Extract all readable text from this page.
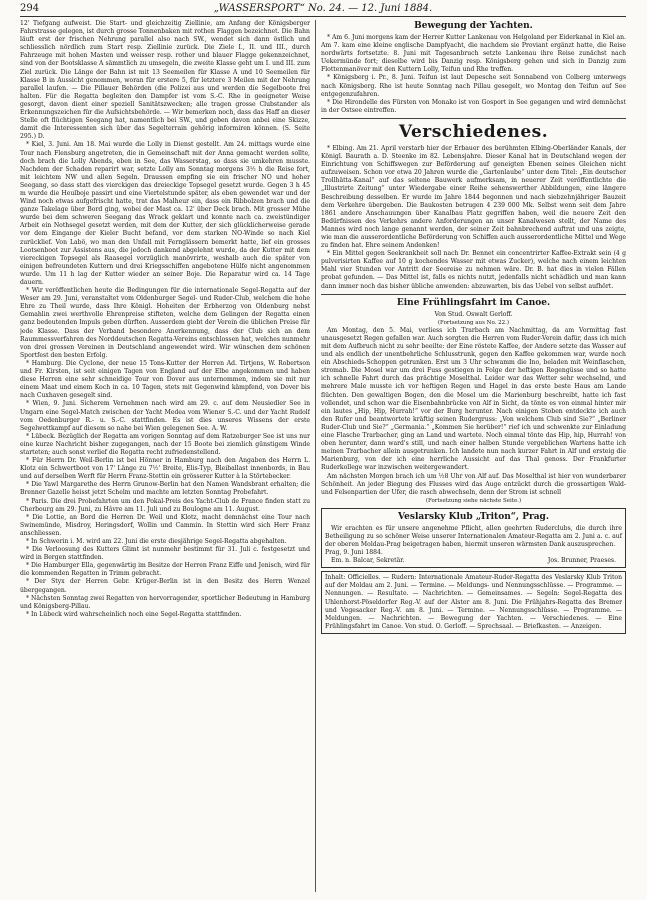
294	„WASSERSPORT“ No. 24. — 12. Juni 1884.

12' Tiefgang aufweist. Die Start- und gleichzeitig Ziellinie, am Anfang der Königsberger Fahrstrasse gelegen, ist durch grosse Tonnenbaken mit rothen Flaggen bezeichnet. Die Bahn läuft erst der frischen Nehrung parallel also nach SW., wendet sich dann östlich und schliesslich nördlich zum Start resp. Ziellinie zurück. Die Ziele I., II. und III., durch Fahrzeuge mit hohen Masten und weisser resp. rother und blauer Flagge gekennzeichnet, sind von der Bootsklasse A sämmtlich zu umsegeln, die zweite Klasse geht um I. und III. zum Ziel zurück. Die Länge der Bahn ist mit 13 Seemeilen für Klasse A und 10 Seemeilen für Klasse B in Aussicht genommen, woran für erstere 5, für letztere 3 Meilen mit der Nehrung parallel laufen. — Die Pillauer Behörden (die Polizei aus und werden die Segelboote frei halten. Für die Regatta begleiten den Dampfer ist vom S.-C. Rhe in geeigneter Weise gesorgt, davon dient einer speziell Sanitätszwecken; alle tragen grosse Clubstander als Erkennungszeichen für die Aufsichtsbehörde. — Wir bemerken noch, dass das Haff an dieser Stelle oft flüchtigen Seegang hat, namentlich bei SW., und geben davon anbei eine Skizze, damit die Interessenten sich über das Segelterrain gehörig informiren können. (S. Seite 295.) D.

* Kiel, 3. Juni. Am 18. Mai wurde die Lolly in Dienst gestellt. Am 24. mittags wurde eine Tour nach Flensburg angetreten, die in Gemeinschaft mit der Anna gemacht werden sollte, doch brach die Lolly Abends, eben in See, das Wasserstag, so dass sie umkehren musste. Nachdem der Schaden reparirt war, setzte Lolly am Sonntag morgens 3½ h die Reise fort, mit leichtem NW und allen Segeln. Draussen empfing sie ein frischer NO und hoher Seegang, so dass statt des vierckigen das dreieckige Topsegel gesetzt wurde. Gegen 3 h 45 m wurde die Heulboje passirt und eine Viertelstunde später, als eben gewendet war und der Wind noch etwas aufgefrischt hatte, trat das Malheur ein, dass ein Ribbolzen brach und die ganze Takelage über Bord ging, wobei der Mast ca. 12' über Deck brach. Mit grosser Mühe wurde bei dem schweren Seegang das Wrack geklart und konnte nach ca. zweistündiger Arbeit ein Nothsegel gesetzt werden, mit dem der Kutter, der sich glücklicherweise gerade vor dem Eingange der Kieler Bucht befand, vor dem starken NO-Winde so nach Kiel zurücklief. Von Labö, wo man den Unfall mit Fernglässern bemerkt hatte, lief ein grosses Lootsenboot zur Assistens aus, die jedoch dankend abgelehnt wurde, da der Kutter mit dem viereckigen Topsegel als Raasegel vorzüglich manövrirte, weshalb auch die später von einigen befreundeten Kuttern und drei Kriegsschiffen angebotene Hülfe nicht angenommen wurde. Um 11 h lag der Kutter wieder an seiner Boje. Die Reparatur wird ca. 14 Tage dauern.

* Wir veröffentlichen heute die Bedingungen für die internationale Segel-Regatta auf der Weser am 29. Juni, veranstaltet vom Oldenburger Segel- und Ruder-Club, welchem die hohe Ehre zu Theil wurde, dass Ihre Königl. Hoheiten der Erbherzog von Oldenburg nebst Gemahlin zwei werthvolle Ehrenpreise stifteten, welche dem Gelingen der Regatta einen ganz bedeutenden Impuls geben dürften. Ausserdem giebt der Verein die üblichen Preise für jede Klasse. Dass der Verband besondere Anerkennung, dass der Club sich an dem Raummessverfahren des Norddeutschen Regatta-Vereins entschlossen hat, welches nunmehr von drei grossen Vereinen in Deutschland angewendet wird. Wir wünschen dem schönen Sportfest den besten Erfolg.

* Hamburg. Die Cyclone, der neue 15 Tons-Kutter der Herren Ad. Tirtjens, W. Robertson und Fr. Kirsten, ist seit einigen Tagen von England auf der Elbe angekommen und haben diese Herren eine sehr schneidige Tour von Dover aus unternommen, indem sie mit nur einem Maat und einem Koch in ca. 10 Tagen, stets mit Gegenwind kämpfend, von Dover bis nach Cuxhaven gesegelt sind.

* Wien, 9. Juni. Sicherem Vernehmen nach wird am 29. c. auf dem Neusiedler See in Ungarn eine Segel-Match zwischen der Yacht Medea vom Wiener S.-C. und der Yacht Rudolf vom Oedenburger R.- u. S.-C. stattfinden. Es ist dies unseres Wissens der erste Segelwettkampf auf diesem so nahe bei Wien gelegenen See. A. W.

* Lübeck. Bezüglich der Regatta am vorigen Sonntag auf dem Ratzeburger See ist uns nur eine kurze Nachricht bisher zugegangen, nach der 15 Boote bei ziemlich günstigem Winde starteten; auch sonst verlief die Regatta recht zufriedenstellend.

* Für Herrn Dr. Weil-Berlin ist bei Hönner in Hamburg nach den Angaben des Herrn L. Klotz ein Schwertboot von 17' Länge zu 7½' Breite, Elis-Typ, Bleiballast innenbords, in Bau und auf derselben Werft für Herrn Franz-Stettin ein grösserer Kutter à la Störtebecker.

* Die Yawl Margarethe des Herrn Grunow-Berlin hat den Namen Wandsbrant erhalten; die Brenner Gazelle heisst jetzt Schelm und machte am letzten Sonntag Probefahrt.

* Paris. Die drei Probefahrten um den Pokal-Preis des Yacht-Club de France finden statt zu Cherbourg am 29. Juni, zu Hâvre am 11. Juli und zu Boulogne am 11. August.

* Die Lottie, an Bord die Herren Dr. Weil und Klotz, macht demnächst eine Tour nach Swinemünde, Misdroy, Heringsdorf, Wollin und Cammin. In Stettin wird sich Herr Franz anschliessen.

* In Schwerin i. M. wird am 22. Juni die erste diesjährige Segel-Regatta abgehalten.

* Die Verloosung des Kutters Glimt ist nunmehr bestimmt für 31. Juli c. festgesetzt und wird in Bergen stattfinden.

* Die Hamburger Ella, gegenwärtig im Besitze der Herren Franz Eiffe und Jenisch, wird für die kommenden Regatten in Trimm gebracht.

* Der Styx der Herren Gebr. Krüger-Berlin ist in den Besitz des Herrn Wenzel übergegangen.

* Nächsten Sonntag zwei Regatten von hervorragender, sportlicher Bedeutung in Hamburg und Königsberg-Pillau.

* In Lübeck wird wahrscheinlich noch eine Segel-Regatta stattfinden.

Bewegung der Yachten.

* Am 6. Juni morgens kam der Herrer Kutter Lankenau von Helgoland per Eiderkanal in Kiel an. Am 7. kam eine kleine englische Dampfyacht, die nachdem sie Proviant ergänzt hatte, die Reise nordwärts fortsetzte. 8. Juni mit Tagesanbruch setzte Lankenau ihre Reise zunächst nach Uekermünde fort; dieselbe wird bis Danzig resp. Königsberg gehen und sich in Danzig zum Flottenmanöver mit den Kuttern Lolly, Teifun und Rhe treffen.

* Königsberg i. Pr., 8. Juni. Teifun ist laut Depesche seit Sonnabend von Colberg unterwegs nach Königsberg. Rhe ist heute Sonntag nach Pillau gesegelt, wo Montag den Teifun auf See entgegenzufahren.

* Die Hirondelle des Fürsten von Monako ist von Gosport in See gegangen und wird demnächst in der Ostsee eintreffen.

Verschiedenes.

* Elbing. Am 21. April verstarb hier der Erbauer des berühmten Elbing-Oberländer Kanals, der Königl. Baurath a. D. Steenke im 82. Lebensjahre. Dieser Kanal hat in Deutschland wegen der Einrichtung von Schiffswegen zur Beförderung auf geneigten Ebenen seines Gleichen nicht aufzuweisen. Schon vor etwa 20 Jahren wurde die „Gartenlaube“ unter dem Titel: „Ein deutscher Trollhätta-Kanal“ auf das seltene Bauwerk aufmerksam, in neuerer Zeit veröffentlichte die „Illustrirte Zeitung“ unter Wiedergabe einer Reihe sehenswerther Abbildungen, eine längere Beschreibung desselben. Er wurde im Jahre 1844 begonnen und nach siebzehnjähriger Bauzeit dem Verkehre übergeben. Die Baukosten betrugen 4 239 000 Mk. Selbst wenn seit dem Jahre 1861 andere Anschauungen über Kanalbau Platz gegriffen haben, weil die neuere Zeit den Bedürfnissen des Verkehrs andere Anforderungen an unser Kanalwesen stellt, der Name des Mannes wird noch lange genannt werden, der seiner Zeit bahnbrechend auftrat und uns zeigte, wie man die ausserordentliche Beförderung von Schiffen auch ausserordentliche Mittel und Wege zu finden hat. Ehre seinem Andenken!

* Ein Mittel gegen Seekrankheit soll nach Dr. Bennet ein concentrirter Kaffee-Extrakt sein (4 g pulverisirten Kaffee auf 10 g kochendes Wasser mit etwas Zucker), welche nach einem leichten Mahl vier Stunden vor Antritt der Seereise zu nehmen wäre. Dr. B. hat dies in vielen Fällen probat gefunden. — Das Mittel ist, falls es nichts nutzt, jedenfalls nicht schädlich und man kann dann immer noch das bisher übliche anwenden: abzuwarten, bis das Uebel von selbst aufhört.

Eine Frühlingsfahrt im Canoe.

Von Stud. Oswalt Gerloff.

(Fortsetzung aus No. 22.)

Am Montag, den 5. Mai, verliess ich Trarbach am Nachmittag, da am Vormittag fast unausgesetzt Regen gefallen war. Auch sorgten die Herren vom Ruder-Verein dafür, dass ich mich mit dem Aufbruch nicht zu sehr beeilte: der Eine röstete Kaffee, der Andere setzte das Wasser auf und als endlich der unentbehrliche Schlusstrunk, gegen den Kaffee gekommen war, wurde noch ein Abschieds-Schoppen getrunken. Erst um 3 Uhr schwamm die Ino, beladen mit Weinflaschen, stromab. Die Mosel war um drei Fuss gestiegen in Folge der heftigen Regengüsse und so hatte ich schnelle Fahrt durch das prächtige Moselthal. Leider war das Wetter sehr wechselnd, und mehrere Male musste ich vor heftigen Regen und Hagel in das erste beste Haus am Lande flüchten. Den gewaltigen Bogen, den die Mosel um die Marienburg beschreibt, hatte ich fast vollendet, und schon war die Eisenbahnbrücke von Alf in Sicht, da tönte es von einmal hinter mir ein lautes „Hip, Hip, Hurrah!“ vor der Burg herunter. Nach einigen Stoben entdeckte ich auch den Rufer und beantwortete kräftig seinen Rudergruss: „Von welchem Club sind Sie?“ „Berliner Ruder-Club und Sie?“ „Germania.“ „Kommen Sie herüber!“ rief ich und schwenkte zur Einladung eine Flasche Trarbacher, ging an Land und wartete. Noch einmal tönte das Hip, hip, Hurrah! von oben herunter, dann ward's still, und nach einer halben Stunde vergeblichen Wartens hatte ich meinen Trarbacher allein ausgetrunken. Ich landete nun nach kurzer Fahrt in Alf und ersteig die Marienburg, von der ich eine herrliche Aussicht auf das Thal genoss. Der Frankfurter Ruderkollege war inzwischen weitergewandert.

Am nächsten Morgen brach ich um ½8 Uhr von Alf auf. Das Moselthal ist hier von wunderbarer Schönheit. An jeder Biegung des Flusses wird das Auge entzückt durch die grossartigen Wald- und Felsenpartien der Ufer, die rasch abwechseln, denn der Strom ist schnell

(Fortsetzung siehe nächste Seite.)

Veslarsky Klub „Triton“, Prag.

Wir erachten es für unsere angenehme Pflicht, allen geehrten Ruderclubs, die durch ihre Betheiligung zu so schöner Weise unserer Internationalen Amateur-Regatta am 2. Juni a. c. auf der oberen Moldau-Prag beigetragen haben, hiermit unseren wärmsten Dank auszusprechen.

Prag, 9. Juni 1884.

Em. n. Balcar, Sekretär.	Jos. Brunner, Praeses.

Inhalt: Officielles. — Rudern: Internationale Amateur-Ruder-Regatta des Veslarsky Klub Triton auf der Moldau am 2. Juni. — Termine. — Meldungs- und Nennungsschlüsse. — Programme. — Nennungen. — Resultate. — Nachrichten. — Gemeinsames. — Segeln: Segel-Regatta des Uhlenhorst-Pöseldorfer Reg.-V. auf der Alster am 8. Juni. Die Frühjahrs-Regatta des Bremer und Vegesacker Reg.-V. am 8. Juni. — Termine. — Nennungsschlüsse. — Programme. — Meldungen. — Nachrichten. — Bewegung der Yachten. — Verschiedenes. — Eine Frühlingsfahrt im Canoe. Von stud. O. Gerloff. — Sprechsaal. — Briefkasten. — Anzeigen.
